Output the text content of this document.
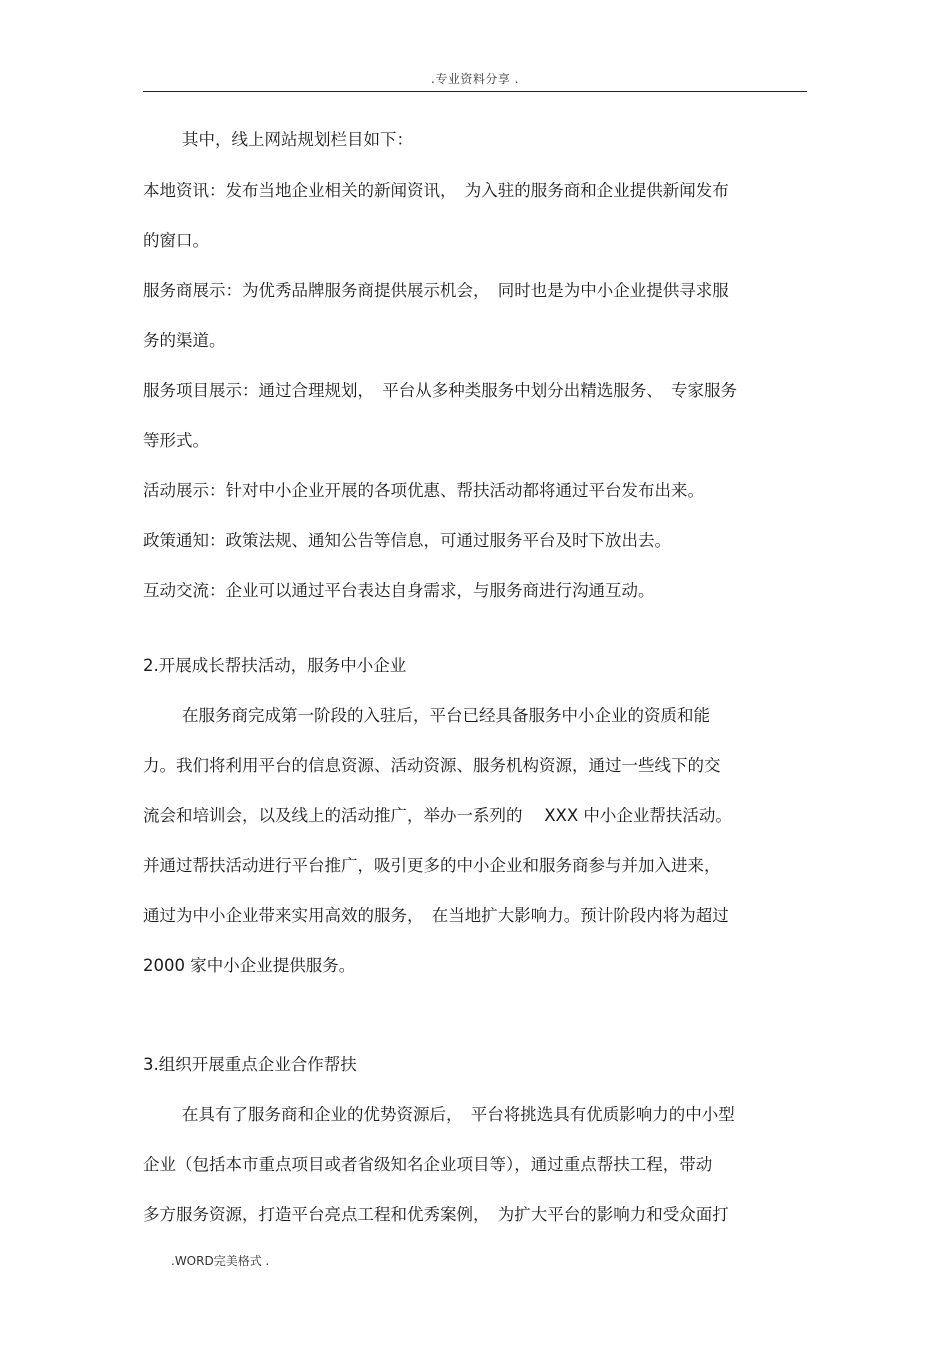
.专业资料分享 .
其中，线上网站规划栏目如下：
本地资讯：发布当地企业相关的新闻资讯，　为入驻的服务商和企业提供新闻发布
的窗口。
服务商展示：为优秀品牌服务商提供展示机会，　同时也是为中小企业提供寻求服
务的渠道。
服务项目展示：通过合理规划，　平台从多种类服务中划分出精选服务、　专家服务
等形式。
活动展示：针对中小企业开展的各项优惠、帮扶活动都将通过平台发布出来。
政策通知：政策法规、通知公告等信息，可通过服务平台及时下放出去。
互动交流：企业可以通过平台表达自身需求，与服务商进行沟通互动。
2.开展成长帮扶活动，服务中小企业
在服务商完成第一阶段的入驻后，平台已经具备服务中小企业的资质和能
力。我们将利用平台的信息资源、活动资源、服务机构资源，通过一些线下的交
流会和培训会，以及线上的活动推广，举办一系列的　 XXX 中小企业帮扶活动。
并通过帮扶活动进行平台推广，吸引更多的中小企业和服务商参与并加入进来，
通过为中小企业带来实用高效的服务，　在当地扩大影响力。预计阶段内将为超过
2000 家中小企业提供服务。
3.组织开展重点企业合作帮扶
在具有了服务商和企业的优势资源后，　平台将挑选具有优质影响力的中小型
企业（包括本市重点项目或者省级知名企业项目等），通过重点帮扶工程，带动
多方服务资源，打造平台亮点工程和优秀案例，　为扩大平台的影响力和受众面打
.WORD完美格式 .
